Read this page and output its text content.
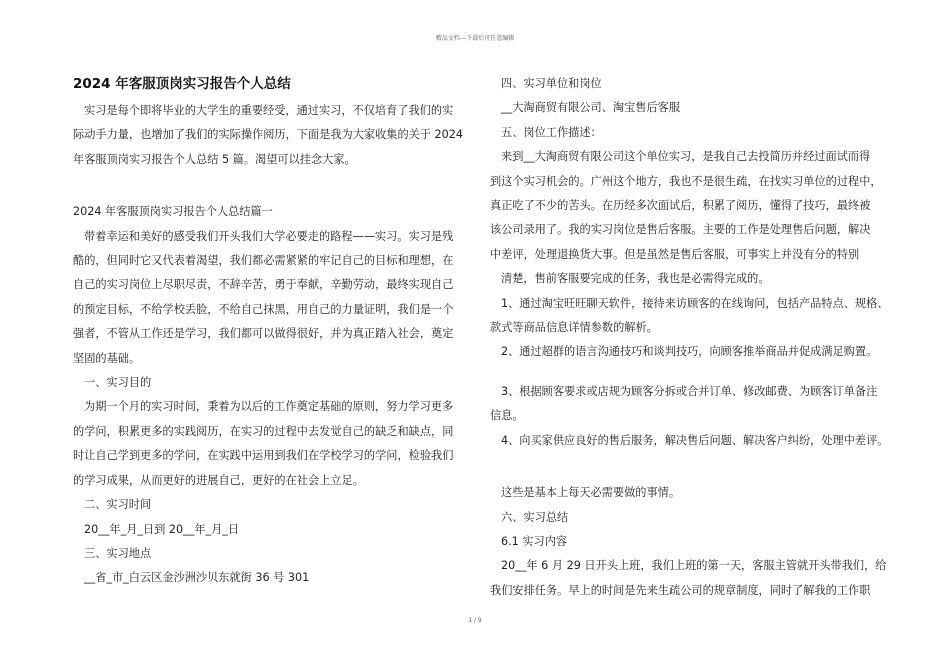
精品文档---下载后可任意编辑
2024 年客服顶岗实习报告个人总结

实习是每个即将毕业的大学生的重要经受，通过实习，不仅培育了我们的实

际动手力量，也增加了我们的实际操作阅历，下面是我为大家收集的关于 2024

年客服顶岗实习报告个人总结 5 篇。渴望可以挂念大家。

2024 年客服顶岗实习报告个人总结篇一

带着幸运和美好的感受我们开头我们大学必要走的路程——实习。实习是残

酷的，但同时它又代表着渴望，我们都必需紧紧的牢记自己的目标和理想，在

自己的实习岗位上尽职尽责，不辞辛苦，勇于奉献，辛勤劳动，最终实现自己

的预定目标，不给学校丢脸，不给自己抹黑，用自己的力量证明，我们是一个

强者，不管从工作还是学习，我们都可以做得很好，并为真正踏入社会，奠定

坚固的基础。

一、实习目的

为期一个月的实习时间，秉着为以后的工作奠定基础的原则，努力学习更多

的学问，积累更多的实践阅历，在实习的过程中去发觉自己的缺乏和缺点，同

时让自己学到更多的学问，在实践中运用到我们在学校学习的学问，检验我们

的学习成果，从而更好的进展自己，更好的在社会上立足。

二、实习时间

20__年_月_日到 20__年_月_日

三、实习地点

__省_市_白云区金沙洲沙贝东就街 36 号 301

四、实习单位和岗位

__大淘商贸有限公司、淘宝售后客服

五、岗位工作描述：

来到__大淘商贸有限公司这个单位实习，是我自己去投简历并经过面试而得

到这个实习机会的。广州这个地方，我也不是很生疏，在找实习单位的过程中，

真正吃了不少的苦头。在历经多次面试后，积累了阅历，懂得了技巧，最终被

该公司录用了。我的实习岗位是售后客服。主要的工作是处理售后问题，解决

中差评，处理退换货大事。但是虽然是售后客服，可事实上并没有分的特别

清楚，售前客服要完成的任务，我也是必需得完成的。

1、通过淘宝旺旺聊天软件，接待来访顾客的在线询问，包括产品特点、规格、

款式等商品信息详情参数的解析。

2、通过超群的语言沟通技巧和谈判技巧，向顾客推举商品并促成满足购置。

3、根据顾客要求或店规为顾客分拆或合并订单、修改邮费、为顾客订单备注

信息。

4、向买家供应良好的售后服务，解决售后问题、解决客户纠纷，处理中差评。

这些是基本上每天必需要做的事情。

六、实习总结

6.1 实习内容

20__年 6 月 29 日开头上班，我们上班的第一天，客服主管就开头带我们，给

我们安排任务。早上的时间是先来生疏公司的规章制度，同时了解我的工作职

1 / 9
